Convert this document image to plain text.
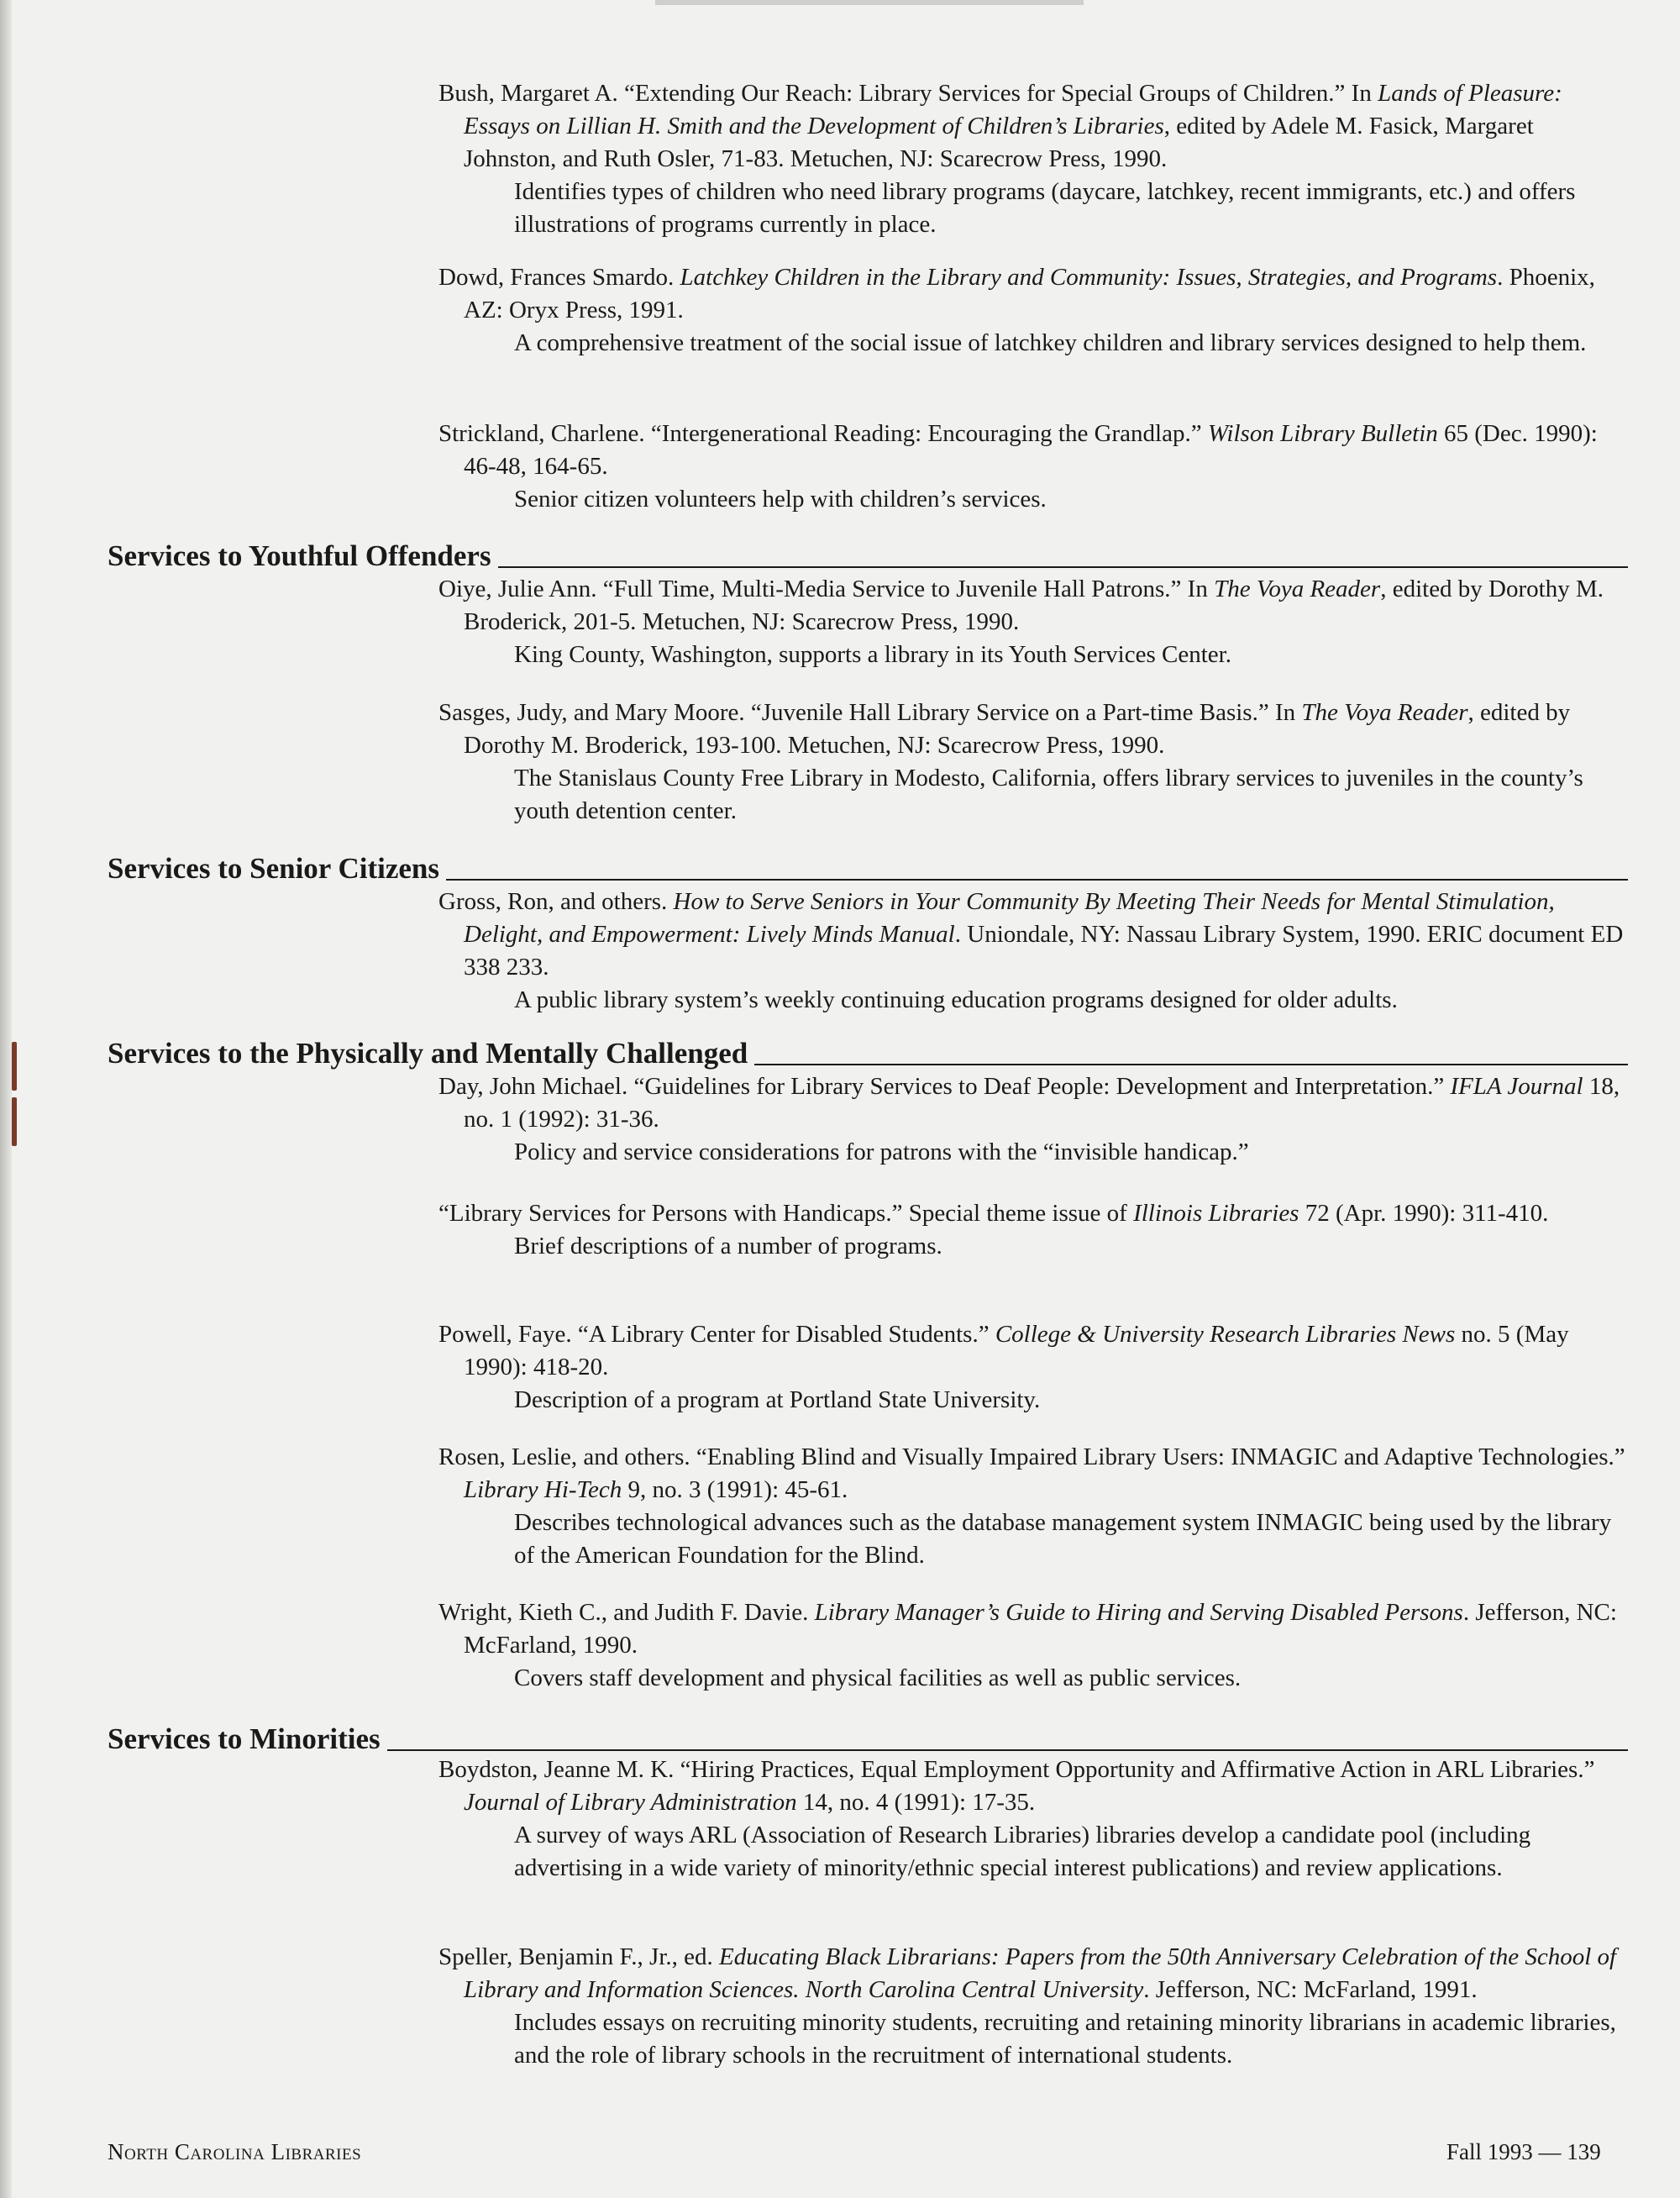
Bush, Margaret A. “Extending Our Reach: Library Services for Special Groups of Children.” In Lands of Pleasure: Essays on Lillian H. Smith and the Development of Children’s Libraries, edited by Adele M. Fasick, Margaret Johnston, and Ruth Osler, 71-83. Metuchen, NJ: Scarecrow Press, 1990.
Identifies types of children who need library programs (daycare, latchkey, recent immigrants, etc.) and offers illustrations of programs currently in place.
Dowd, Frances Smardo. Latchkey Children in the Library and Community: Issues, Strategies, and Programs. Phoenix, AZ: Oryx Press, 1991.
A comprehensive treatment of the social issue of latchkey children and library services designed to help them.
Strickland, Charlene. “Intergenerational Reading: Encouraging the Grandlap.” Wilson Library Bulletin 65 (Dec. 1990): 46-48, 164-65.
Senior citizen volunteers help with children’s services.
Services to Youthful Offenders
Oiye, Julie Ann. “Full Time, Multi-Media Service to Juvenile Hall Patrons.” In The Voya Reader, edited by Dorothy M. Broderick, 201-5. Metuchen, NJ: Scarecrow Press, 1990.
King County, Washington, supports a library in its Youth Services Center.
Sasges, Judy, and Mary Moore. “Juvenile Hall Library Service on a Part-time Basis.” In The Voya Reader, edited by Dorothy M. Broderick, 193-100. Metuchen, NJ: Scarecrow Press, 1990.
The Stanislaus County Free Library in Modesto, California, offers library services to juveniles in the county’s youth detention center.
Services to Senior Citizens
Gross, Ron, and others. How to Serve Seniors in Your Community By Meeting Their Needs for Mental Stimulation, Delight, and Empowerment: Lively Minds Manual. Uniondale, NY: Nassau Library System, 1990. ERIC document ED 338 233.
A public library system’s weekly continuing education programs designed for older adults.
Services to the Physically and Mentally Challenged
Day, John Michael. “Guidelines for Library Services to Deaf People: Development and Interpretation.” IFLA Journal 18, no. 1 (1992): 31-36.
Policy and service considerations for patrons with the “invisible handicap.”
“Library Services for Persons with Handicaps.” Special theme issue of Illinois Libraries 72 (Apr. 1990): 311-410.
Brief descriptions of a number of programs.
Powell, Faye. “A Library Center for Disabled Students.” College & University Research Libraries News no. 5 (May 1990): 418-20.
Description of a program at Portland State University.
Rosen, Leslie, and others. “Enabling Blind and Visually Impaired Library Users: INMAGIC and Adaptive Technologies.” Library Hi-Tech 9, no. 3 (1991): 45-61.
Describes technological advances such as the database management system INMAGIC being used by the library of the American Foundation for the Blind.
Wright, Kieth C., and Judith F. Davie. Library Manager’s Guide to Hiring and Serving Disabled Persons. Jefferson, NC: McFarland, 1990.
Covers staff development and physical facilities as well as public services.
Services to Minorities
Boydston, Jeanne M. K. “Hiring Practices, Equal Employment Opportunity and Affirmative Action in ARL Libraries.” Journal of Library Administration 14, no. 4 (1991): 17-35.
A survey of ways ARL (Association of Research Libraries) libraries develop a candidate pool (including advertising in a wide variety of minority/ethnic special interest publications) and review applications.
Speller, Benjamin F., Jr., ed. Educating Black Librarians: Papers from the 50th Anniversary Celebration of the School of Library and Information Sciences. North Carolina Central University. Jefferson, NC: McFarland, 1991.
Includes essays on recruiting minority students, recruiting and retaining minority librarians in academic libraries, and the role of library schools in the recruitment of international students.
North Carolina Libraries	Fall 1993 — 139
